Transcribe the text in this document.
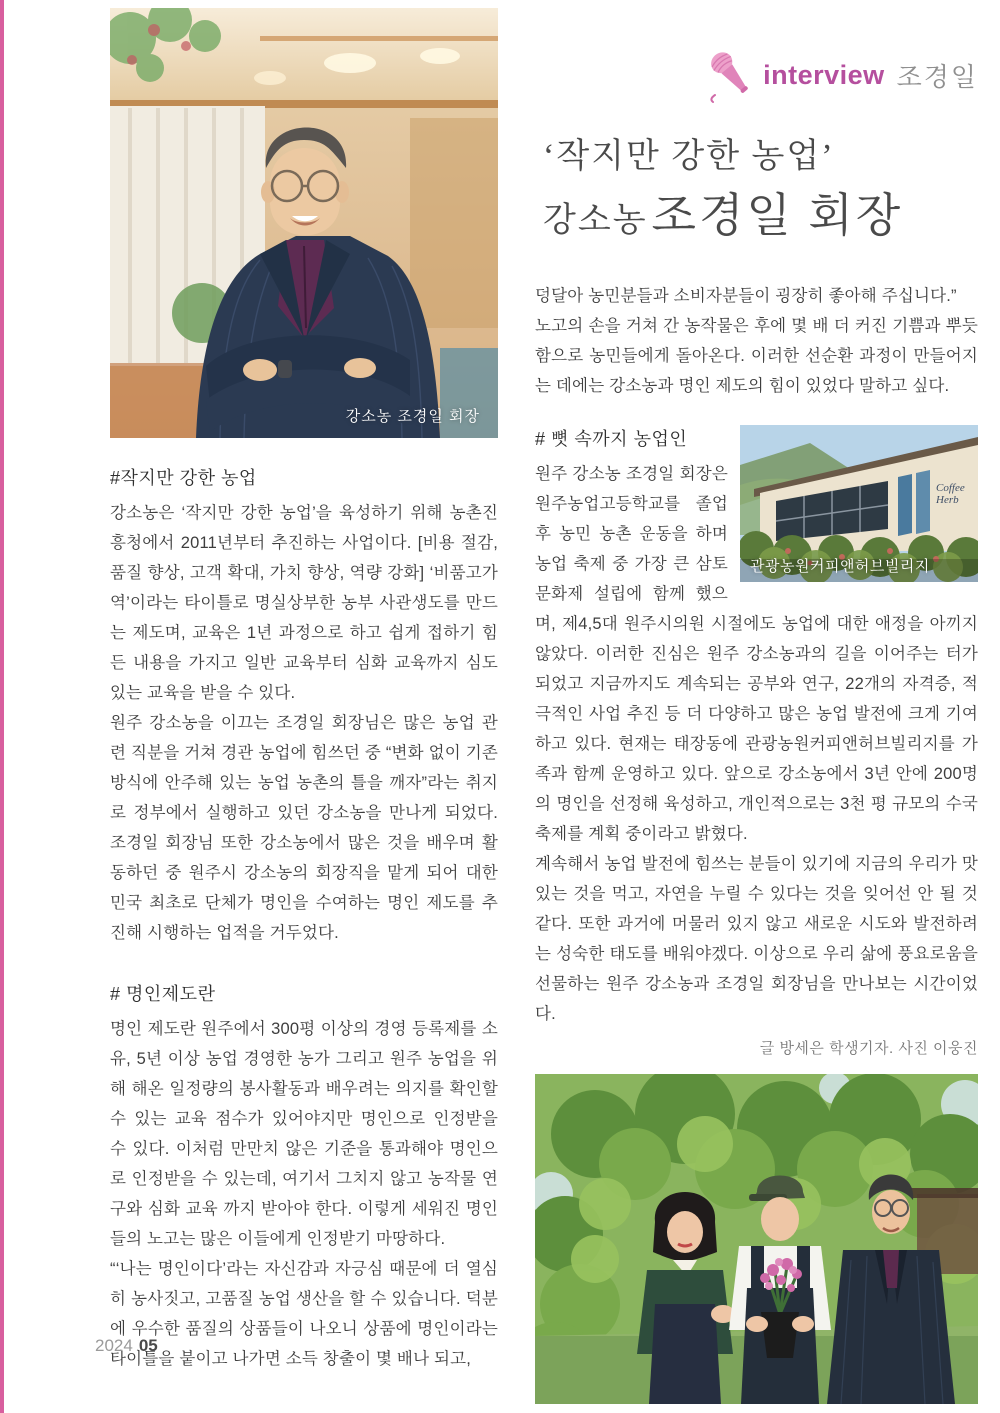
강소농 조경일 회장
#작지만 강한 농업

강소농은 ‘작지만 강한 농업’을 육성하기 위해 농촌진흥청에서 2011년부터 추진하는 사업이다. [비용 절감, 품질 향상, 고객 확대, 가치 향상, 역량 강화] ‘비품고가역’이라는 타이틀로 명실상부한 농부 사관생도를 만드는 제도며, 교육은 1년 과정으로 하고 쉽게 접하기 힘든 내용을 가지고 일반 교육부터 심화 교육까지 심도 있는 교육을 받을 수 있다.

원주 강소농을 이끄는 조경일 회장님은 많은 농업 관련 직분을 거쳐 경관 농업에 힘쓰던 중 “변화 없이 기존 방식에 안주해 있는 농업 농촌의 틀을 깨자”라는 취지로 정부에서 실행하고 있던 강소농을 만나게 되었다. 조경일 회장님 또한 강소농에서 많은 것을 배우며 활동하던 중 원주시 강소농의 회장직을 맡게 되어 대한민국 최초로 단체가 명인을 수여하는 명인 제도를 추진해 시행하는 업적을 거두었다.

# 명인제도란

명인 제도란 원주에서 300평 이상의 경영 등록제를 소유, 5년 이상 농업 경영한 농가 그리고 원주 농업을 위해 해온 일정량의 봉사활동과 배우려는 의지를 확인할 수 있는 교육 점수가 있어야지만 명인으로 인정받을 수 있다. 이처럼 만만치 않은 기준을 통과해야 명인으로 인정받을 수 있는데, 여기서 그치지 않고 농작물 연구와 심화 교육 까지 받아야 한다. 이렇게 세워진 명인들의 노고는 많은 이들에게 인정받기 마땅하다.

“‘나는 명인이다’라는 자신감과 자긍심 때문에 더 열심히 농사짓고, 고품질 농업 생산을 할 수 있습니다. 덕분에 우수한 품질의 상품들이 나오니 상품에 명인이라는 타이틀을 붙이고 나가면 소득 창출이 몇 배나 되고,

2024 05
interview 조경일
‘작지만 강한 농업’
강소농 조경일 회장

덩달아 농민분들과 소비자분들이 굉장히 좋아해 주십니다.”

노고의 손을 거쳐 간 농작물은 후에 몇 배 더 커진 기쁨과 뿌듯함으로 농민들에게 돌아온다. 이러한 선순환 과정이 만들어지는 데에는 강소농과 명인 제도의 힘이 있었다 말하고 싶다.

Coffee
Herb
관광농원커피앤허브빌리지
# 뼛 속까지 농업인

원주 강소농 조경일 회장은 원주농업고등학교를 졸업 후 농민 농촌 운동을 하며 농업 축제 중 가장 큰 삼토문화제 설립에 함께 했으며, 제4,5대 원주시의원 시절에도 농업에 대한 애정을 아끼지 않았다. 이러한 진심은 원주 강소농과의 길을 이어주는 터가 되었고 지금까지도 계속되는 공부와 연구, 22개의 자격증, 적극적인 사업 추진 등 더 다양하고 많은 농업 발전에 크게 기여하고 있다. 현재는 태장동에 관광농원커피앤허브빌리지를 가족과 함께 운영하고 있다. 앞으로 강소농에서 3년 안에 200명의 명인을 선정해 육성하고, 개인적으로는 3천 평 규모의 수국 축제를 계획 중이라고 밝혔다.

계속해서 농업 발전에 힘쓰는 분들이 있기에 지금의 우리가 맛있는 것을 먹고, 자연을 누릴 수 있다는 것을 잊어선 안 될 것 같다. 또한 과거에 머물러 있지 않고 새로운 시도와 발전하려는 성숙한 태도를 배워야겠다. 이상으로 우리 삶에 풍요로움을 선물하는 원주 강소농과 조경일 회장님을 만나보는 시간이었다.

글 방세은 학생기자. 사진 이웅진
